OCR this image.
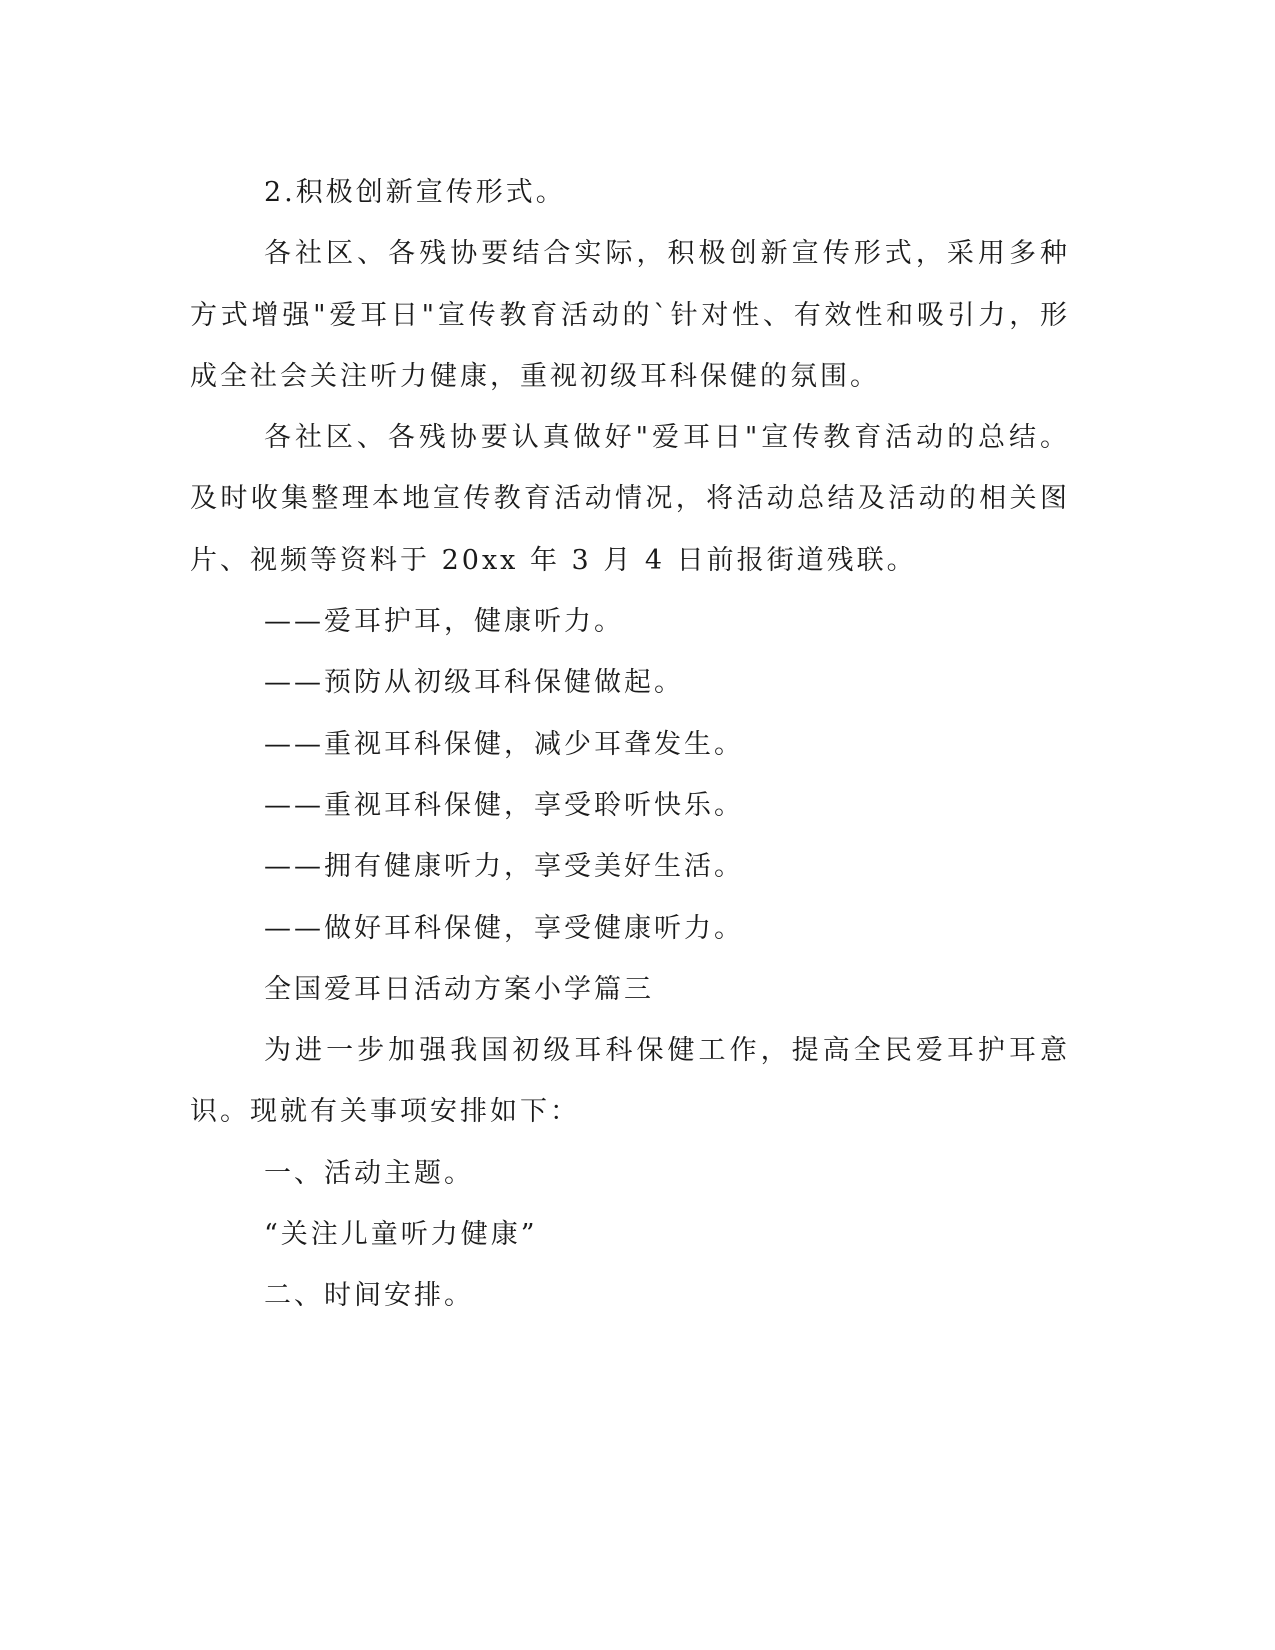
2.积极创新宣传形式。

各社区、各残协要结合实际，积极创新宣传形式，采用多种方式增强"爱耳日"宣传教育活动的`针对性、有效性和吸引力，形成全社会关注听力健康，重视初级耳科保健的氛围。

各社区、各残协要认真做好"爱耳日"宣传教育活动的总结。及时收集整理本地宣传教育活动情况，将活动总结及活动的相关图片、视频等资料于 20xx 年 3 月 4 日前报街道残联。

——爱耳护耳，健康听力。

——预防从初级耳科保健做起。

——重视耳科保健，减少耳聋发生。

——重视耳科保健，享受聆听快乐。

——拥有健康听力，享受美好生活。

——做好耳科保健，享受健康听力。

全国爱耳日活动方案小学篇三

为进一步加强我国初级耳科保健工作，提高全民爱耳护耳意识。现就有关事项安排如下：

一、活动主题。

“关注儿童听力健康”

二、时间安排。
